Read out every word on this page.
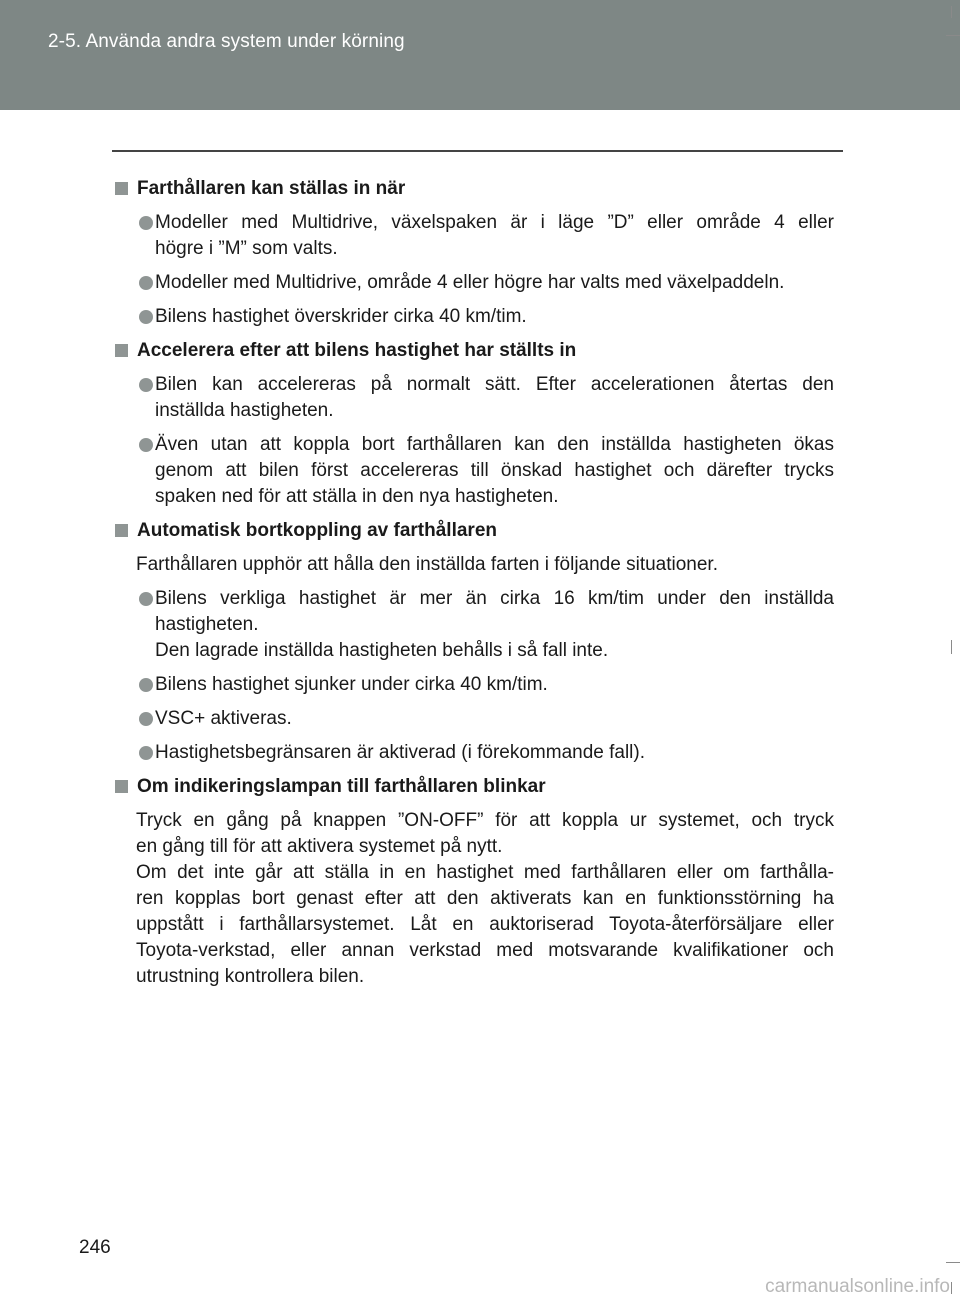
2-5. Använda andra system under körning
Farthållaren kan ställas in när
Modeller med Multidrive, växelspaken är i läge ”D” eller område 4 eller
högre i ”M” som valts.
Modeller med Multidrive, område 4 eller högre har valts med växelpaddeln.
Bilens hastighet överskrider cirka 40 km/tim.
Accelerera efter att bilens hastighet har ställts in
Bilen kan accelereras på normalt sätt. Efter accelerationen återtas den
inställda hastigheten.
Även utan att koppla bort farthållaren kan den inställda hastigheten ökas
genom att bilen först accelereras till önskad hastighet och därefter trycks
spaken ned för att ställa in den nya hastigheten.
Automatisk bortkoppling av farthållaren
Farthållaren upphör att hålla den inställda farten i följande situationer.
Bilens verkliga hastighet är mer än cirka 16 km/tim under den inställda
hastigheten.
Den lagrade inställda hastigheten behålls i så fall inte.
Bilens hastighet sjunker under cirka 40 km/tim.
VSC+ aktiveras.
Hastighetsbegränsaren är aktiverad (i förekommande fall).
Om indikeringslampan till farthållaren blinkar
Tryck en gång på knappen ”ON-OFF” för att koppla ur systemet, och tryck
en gång till för att aktivera systemet på nytt.
Om det inte går att ställa in en hastighet med farthållaren eller om farthålla-
ren kopplas bort genast efter att den aktiverats kan en funktionsstörning ha
uppstått i farthållarsystemet. Låt en auktoriserad Toyota-återförsäljare eller
Toyota-verkstad, eller annan verkstad med motsvarande kvalifikationer och
utrustning kontrollera bilen.
246
carmanualsonline.info
